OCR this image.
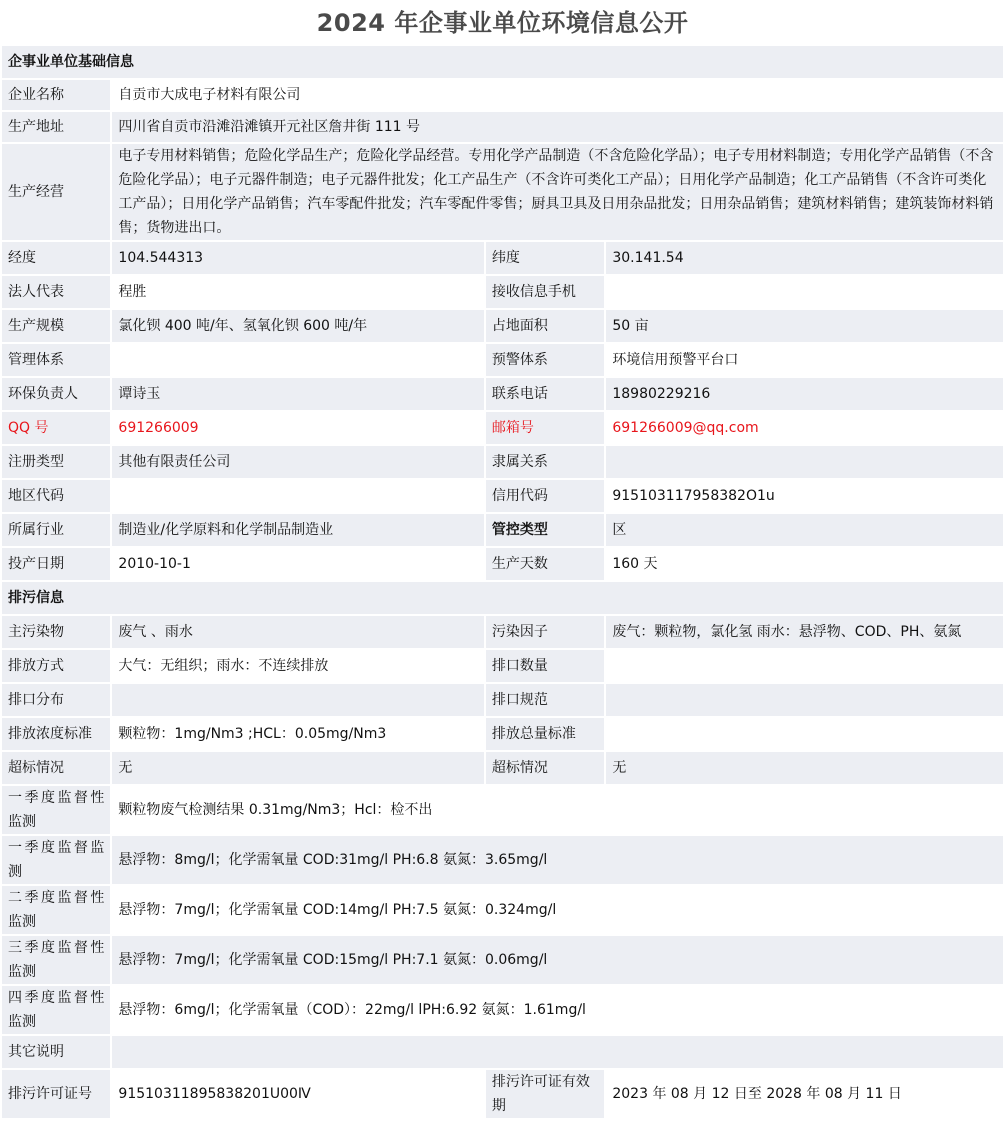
2024 年企事业单位环境信息公开			
企事业单位基础信息			
企业名称	自贡市大成电子材料有限公司		
生产地址	四川省自贡市沿滩沿滩镇开元社区詹井街 111 号		
生产经营	电子专用材料销售；危险化学品生产；危险化学品经营。专用化学产品制造（不含危险化学品）；电子专用材料制造；专用化学产品销售（不含危险化学品）；电子元器件制造；电子元器件批发；化工产品生产（不含许可类化工产品）；日用化学产品制造；化工产品销售（不含许可类化工产品）；日用化学产品销售；汽车零配件批发；汽车零配件零售；厨具卫具及日用杂品批发；日用杂品销售；建筑材料销售；建筑装饰材料销售；货物进出口。		
经度	104.544313	纬度	30.141.54
法人代表	程胜	接收信息手机	
生产规模	氯化钡 400 吨/年、氢氧化钡 600 吨/年	占地面积	50 亩
管理体系		预警体系	环境信用预警平台口
环保负责人	谭诗玉	联系电话	18980229216
QQ 号	691266009	邮箱号	691266009@qq.com
注册类型	其他有限责任公司	隶属关系	
地区代码		信用代码	915103117958382O1u
所属行业	制造业/化学原料和化学制品制造业	管控类型	区
投产日期	2010-10-1	生产天数	160 天
排污信息			
主污染物	废气 、雨水	污染因子	废气：颗粒物，氯化氢 雨水：悬浮物、COD、PH、氨氮
排放方式	大气：无组织；雨水：不连续排放	排口数量	
排口分布		排口规范	
排放浓度标准	颗粒物：1mg/Nm3 ;HCL：0.05mg/Nm3	排放总量标准	
超标情况	无	超标情况	无
一季度监督性监测	颗粒物废气检测结果 0.31mg/Nm3；Hcl：检不出		
一季度监督监测	悬浮物：8mg/l；化学需氧量 COD:31mg/l PH:6.8 氨氮：3.65mg/l		
二季度监督性监测	悬浮物：7mg/l；化学需氧量 COD:14mg/l PH:7.5 氨氮：0.324mg/l		
三季度监督性监测	悬浮物：7mg/l；化学需氧量 COD:15mg/l PH:7.1 氨氮：0.06mg/l		
四季度监督性监测	悬浮物：6mg/l；化学需氧量（COD）：22mg/l lPH:6.92 氨氮：1.61mg/l		
其它说明			
排污许可证号	91510311895838201U00Ⅳ	排污许可证有效期	2023 年 08 月 12 日至 2028 年 08 月 11 日
